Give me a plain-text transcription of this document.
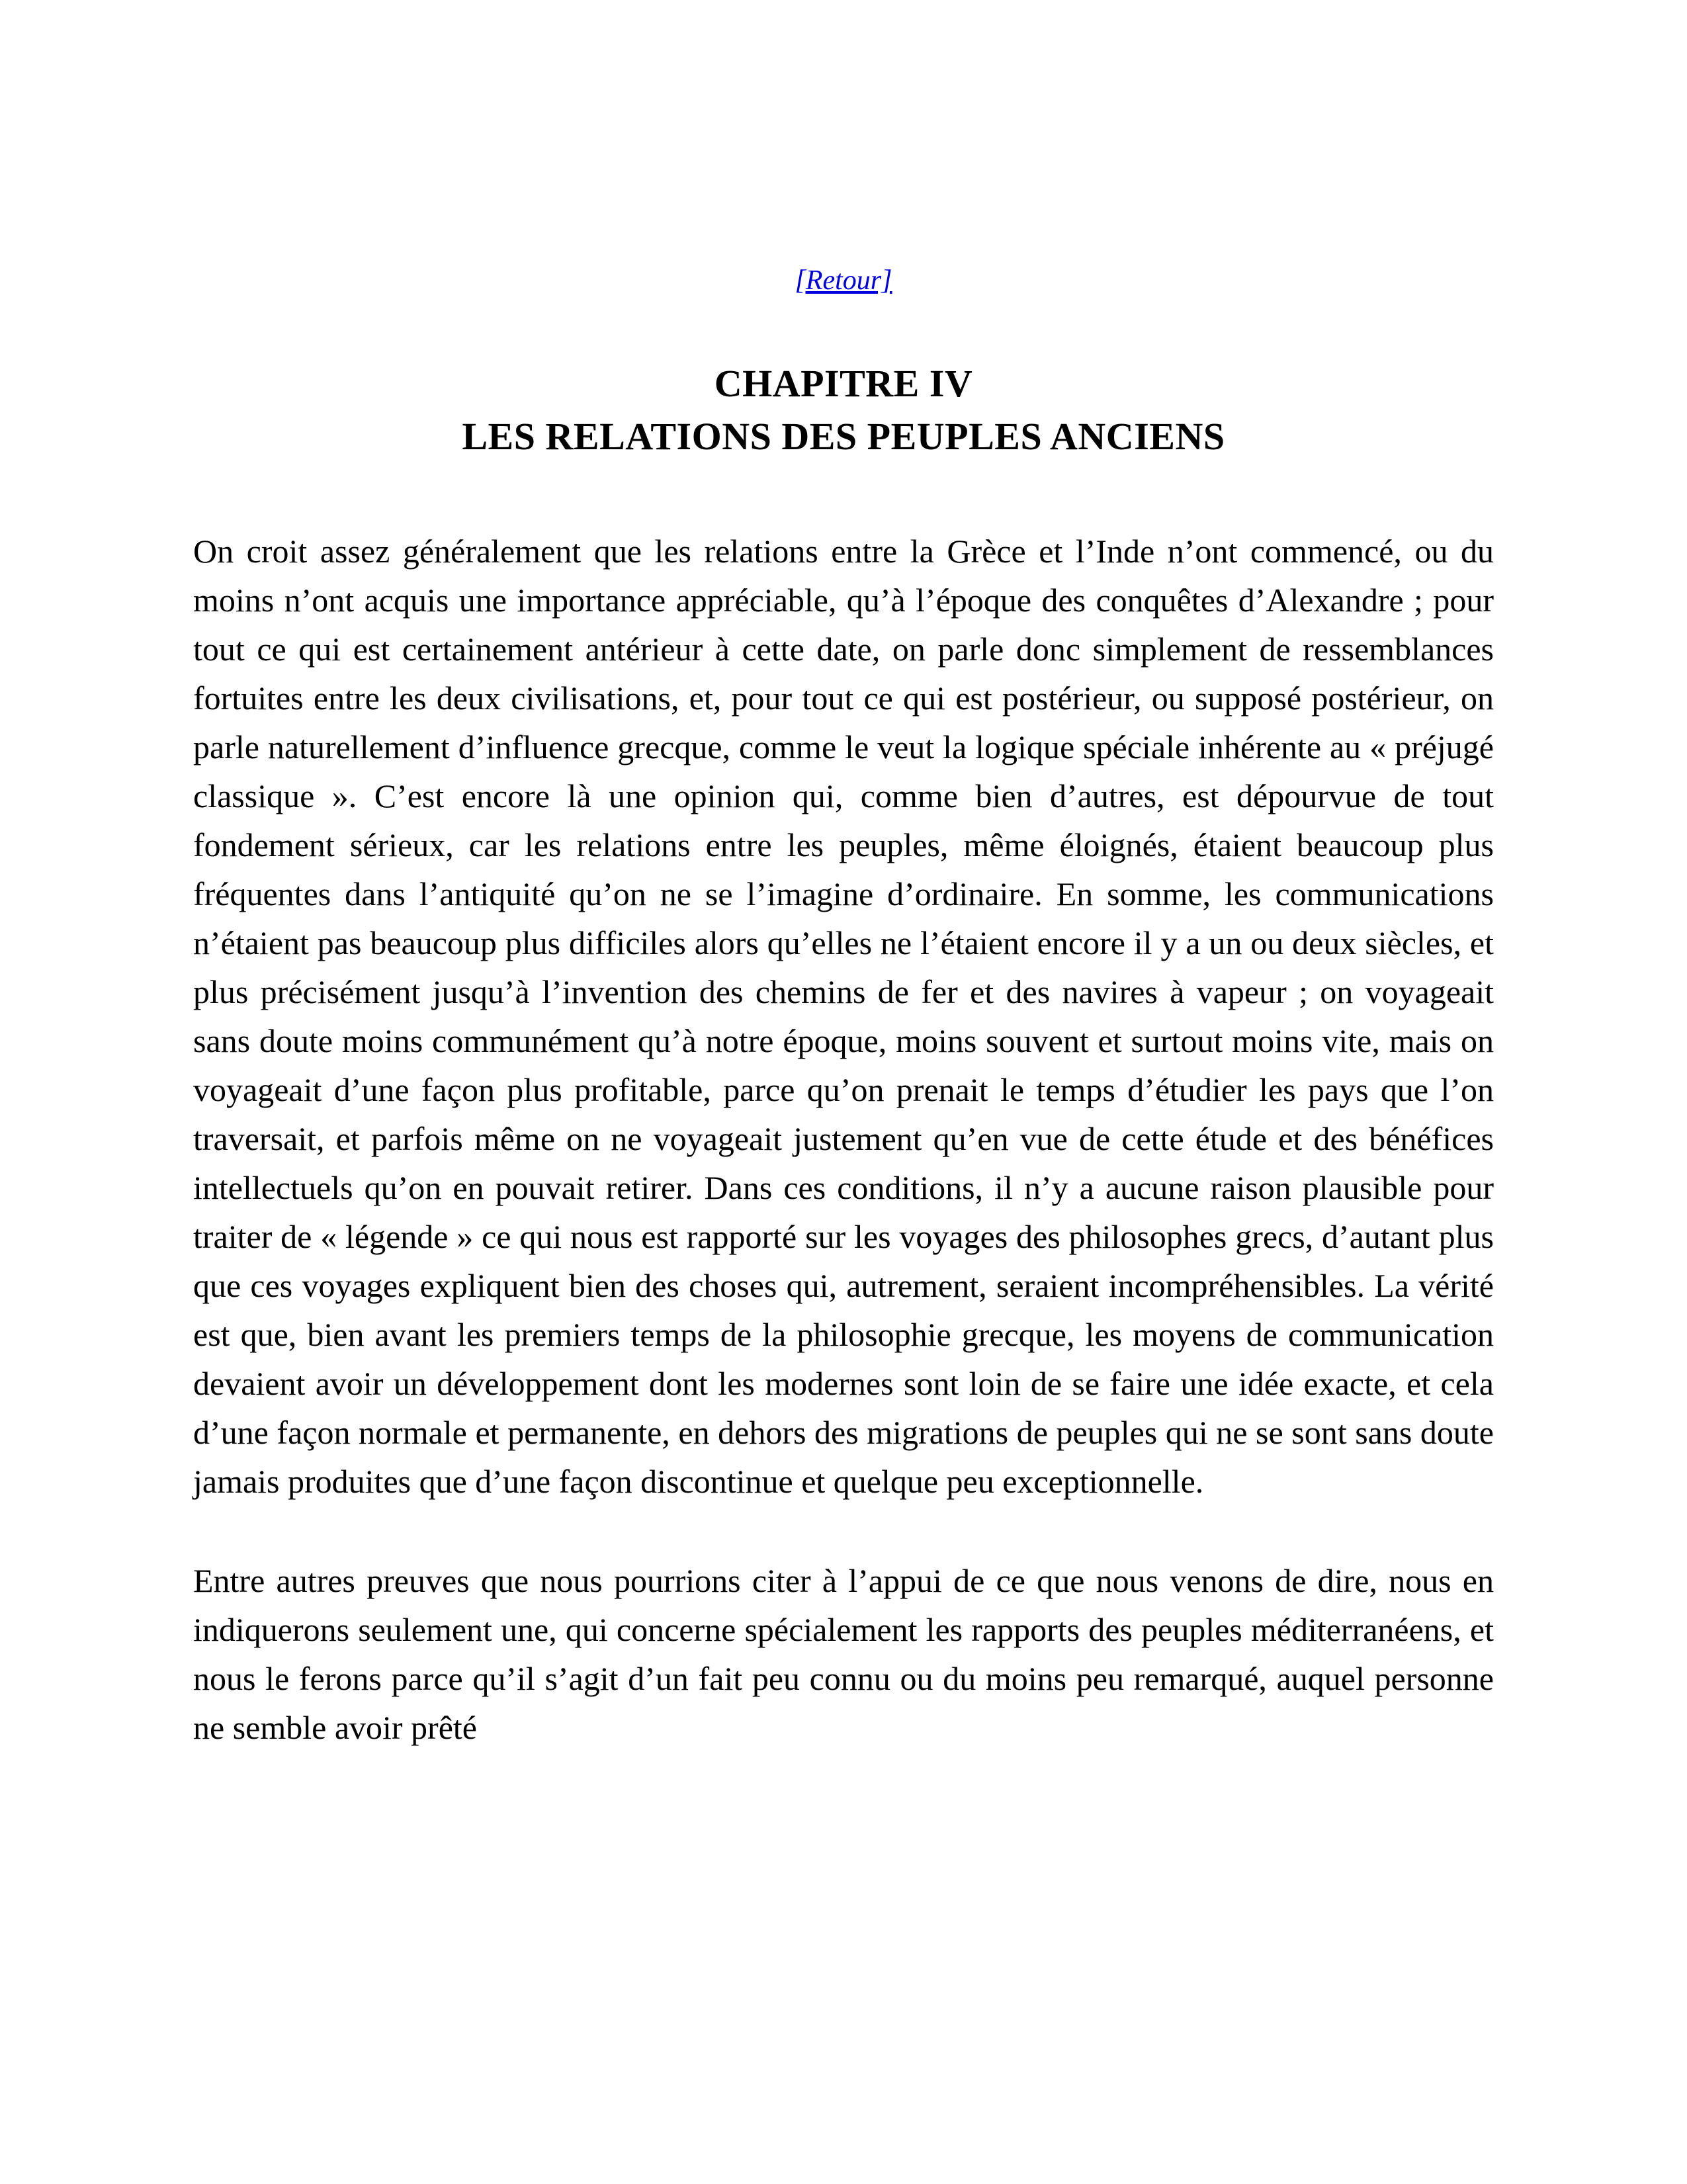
[Retour]
CHAPITRE IV
LES RELATIONS DES PEUPLES ANCIENS

On croit assez généralement que les relations entre la Grèce et l’Inde n’ont commencé, ou du moins n’ont acquis une importance appréciable, qu’à l’époque des conquêtes d’Alexandre ; pour tout ce qui est certainement antérieur à cette date, on parle donc simplement de ressemblances fortuites entre les deux civilisations, et, pour tout ce qui est postérieur, ou supposé postérieur, on parle naturellement d’influence grecque, comme le veut la logique spéciale inhérente au « préjugé classique ». C’est encore là une opinion qui, comme bien d’autres, est dépourvue de tout fondement sérieux, car les relations entre les peuples, même éloignés, étaient beaucoup plus fréquentes dans l’antiquité qu’on ne se l’imagine d’ordinaire. En somme, les communications n’étaient pas beaucoup plus difficiles alors qu’elles ne l’étaient encore il y a un ou deux siècles, et plus précisément jusqu’à l’invention des chemins de fer et des navires à vapeur ; on voyageait sans doute moins communément qu’à notre époque, moins souvent et surtout moins vite, mais on voyageait d’une façon plus profitable, parce qu’on prenait le temps d’étudier les pays que l’on traversait, et parfois même on ne voyageait justement qu’en vue de cette étude et des bénéfices intellectuels qu’on en pouvait retirer. Dans ces conditions, il n’y a aucune raison plausible pour traiter de « légende » ce qui nous est rapporté sur les voyages des philosophes grecs, d’autant plus que ces voyages expliquent bien des choses qui, autrement, seraient incompréhensibles. La vérité est que, bien avant les premiers temps de la philosophie grecque, les moyens de communication devaient avoir un développement dont les modernes sont loin de se faire une idée exacte, et cela d’une façon normale et permanente, en dehors des migrations de peuples qui ne se sont sans doute jamais produites que d’une façon discontinue et quelque peu exceptionnelle.

Entre autres preuves que nous pourrions citer à l’appui de ce que nous venons de dire, nous en indiquerons seulement une, qui concerne spécialement les rapports des peuples méditerranéens, et nous le ferons parce qu’il s’agit d’un fait peu connu ou du moins peu remarqué, auquel personne ne semble avoir prêté
